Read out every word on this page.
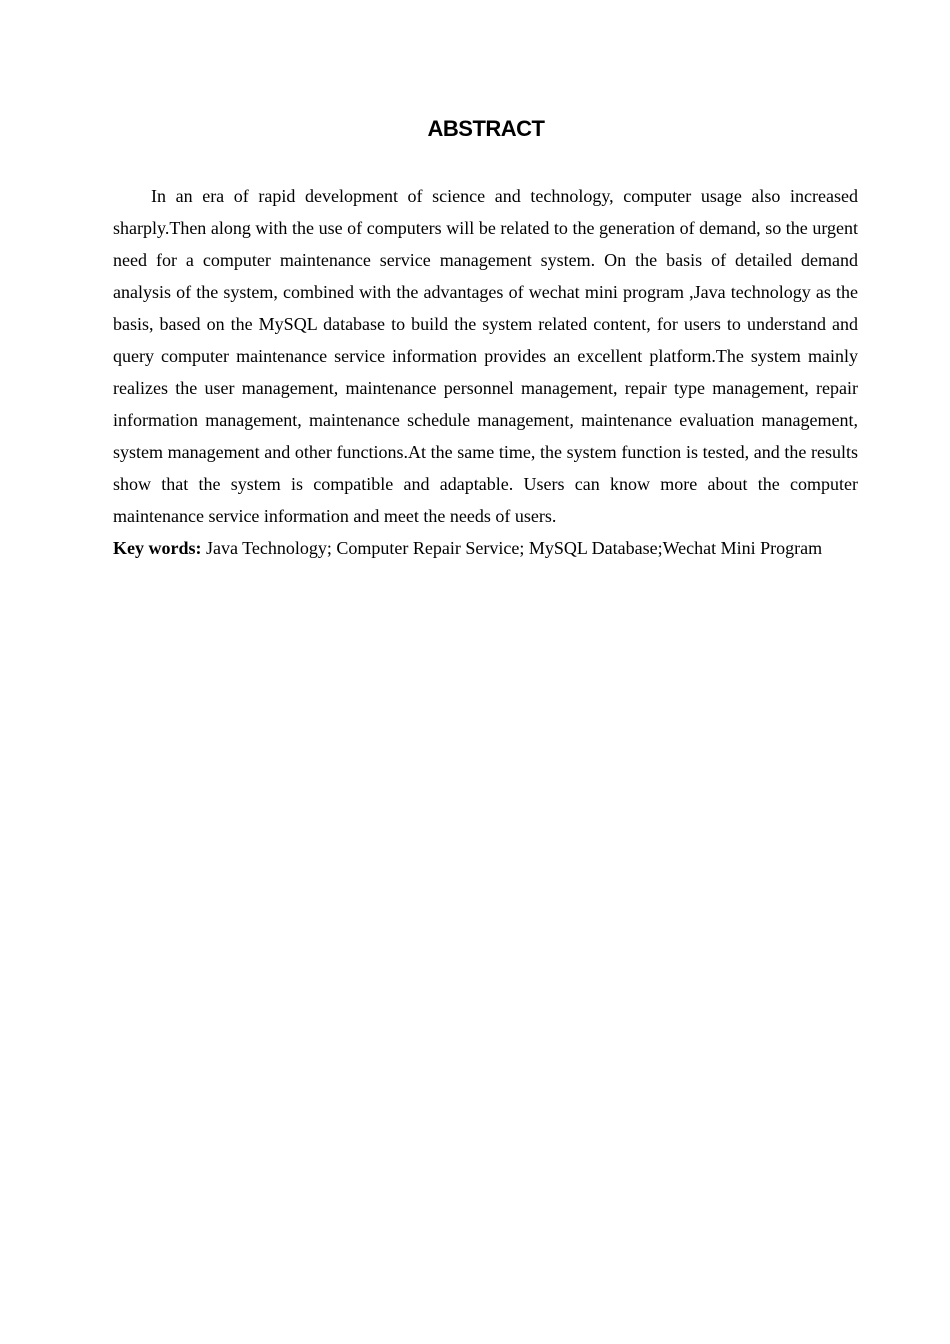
ABSTRACT

In an era of rapid development of science and technology, computer usage also increased sharply.Then along with the use of computers will be related to the generation of demand, so the urgent need for a computer maintenance service management system. On the basis of detailed demand analysis of the system, combined with the advantages of wechat mini program ,Java technology as the basis, based on the MySQL database to build the system related content, for users to understand and query computer maintenance service information provides an excellent platform.The system mainly realizes the user management, maintenance personnel management, repair type management, repair information management, maintenance schedule management, maintenance evaluation management, system management and other functions.At the same time, the system function is tested, and the results show that the system is compatible and adaptable. Users can know more about the computer maintenance service information and meet the needs of users.

Key words: Java Technology; Computer Repair Service; MySQL Database;Wechat Mini Program
